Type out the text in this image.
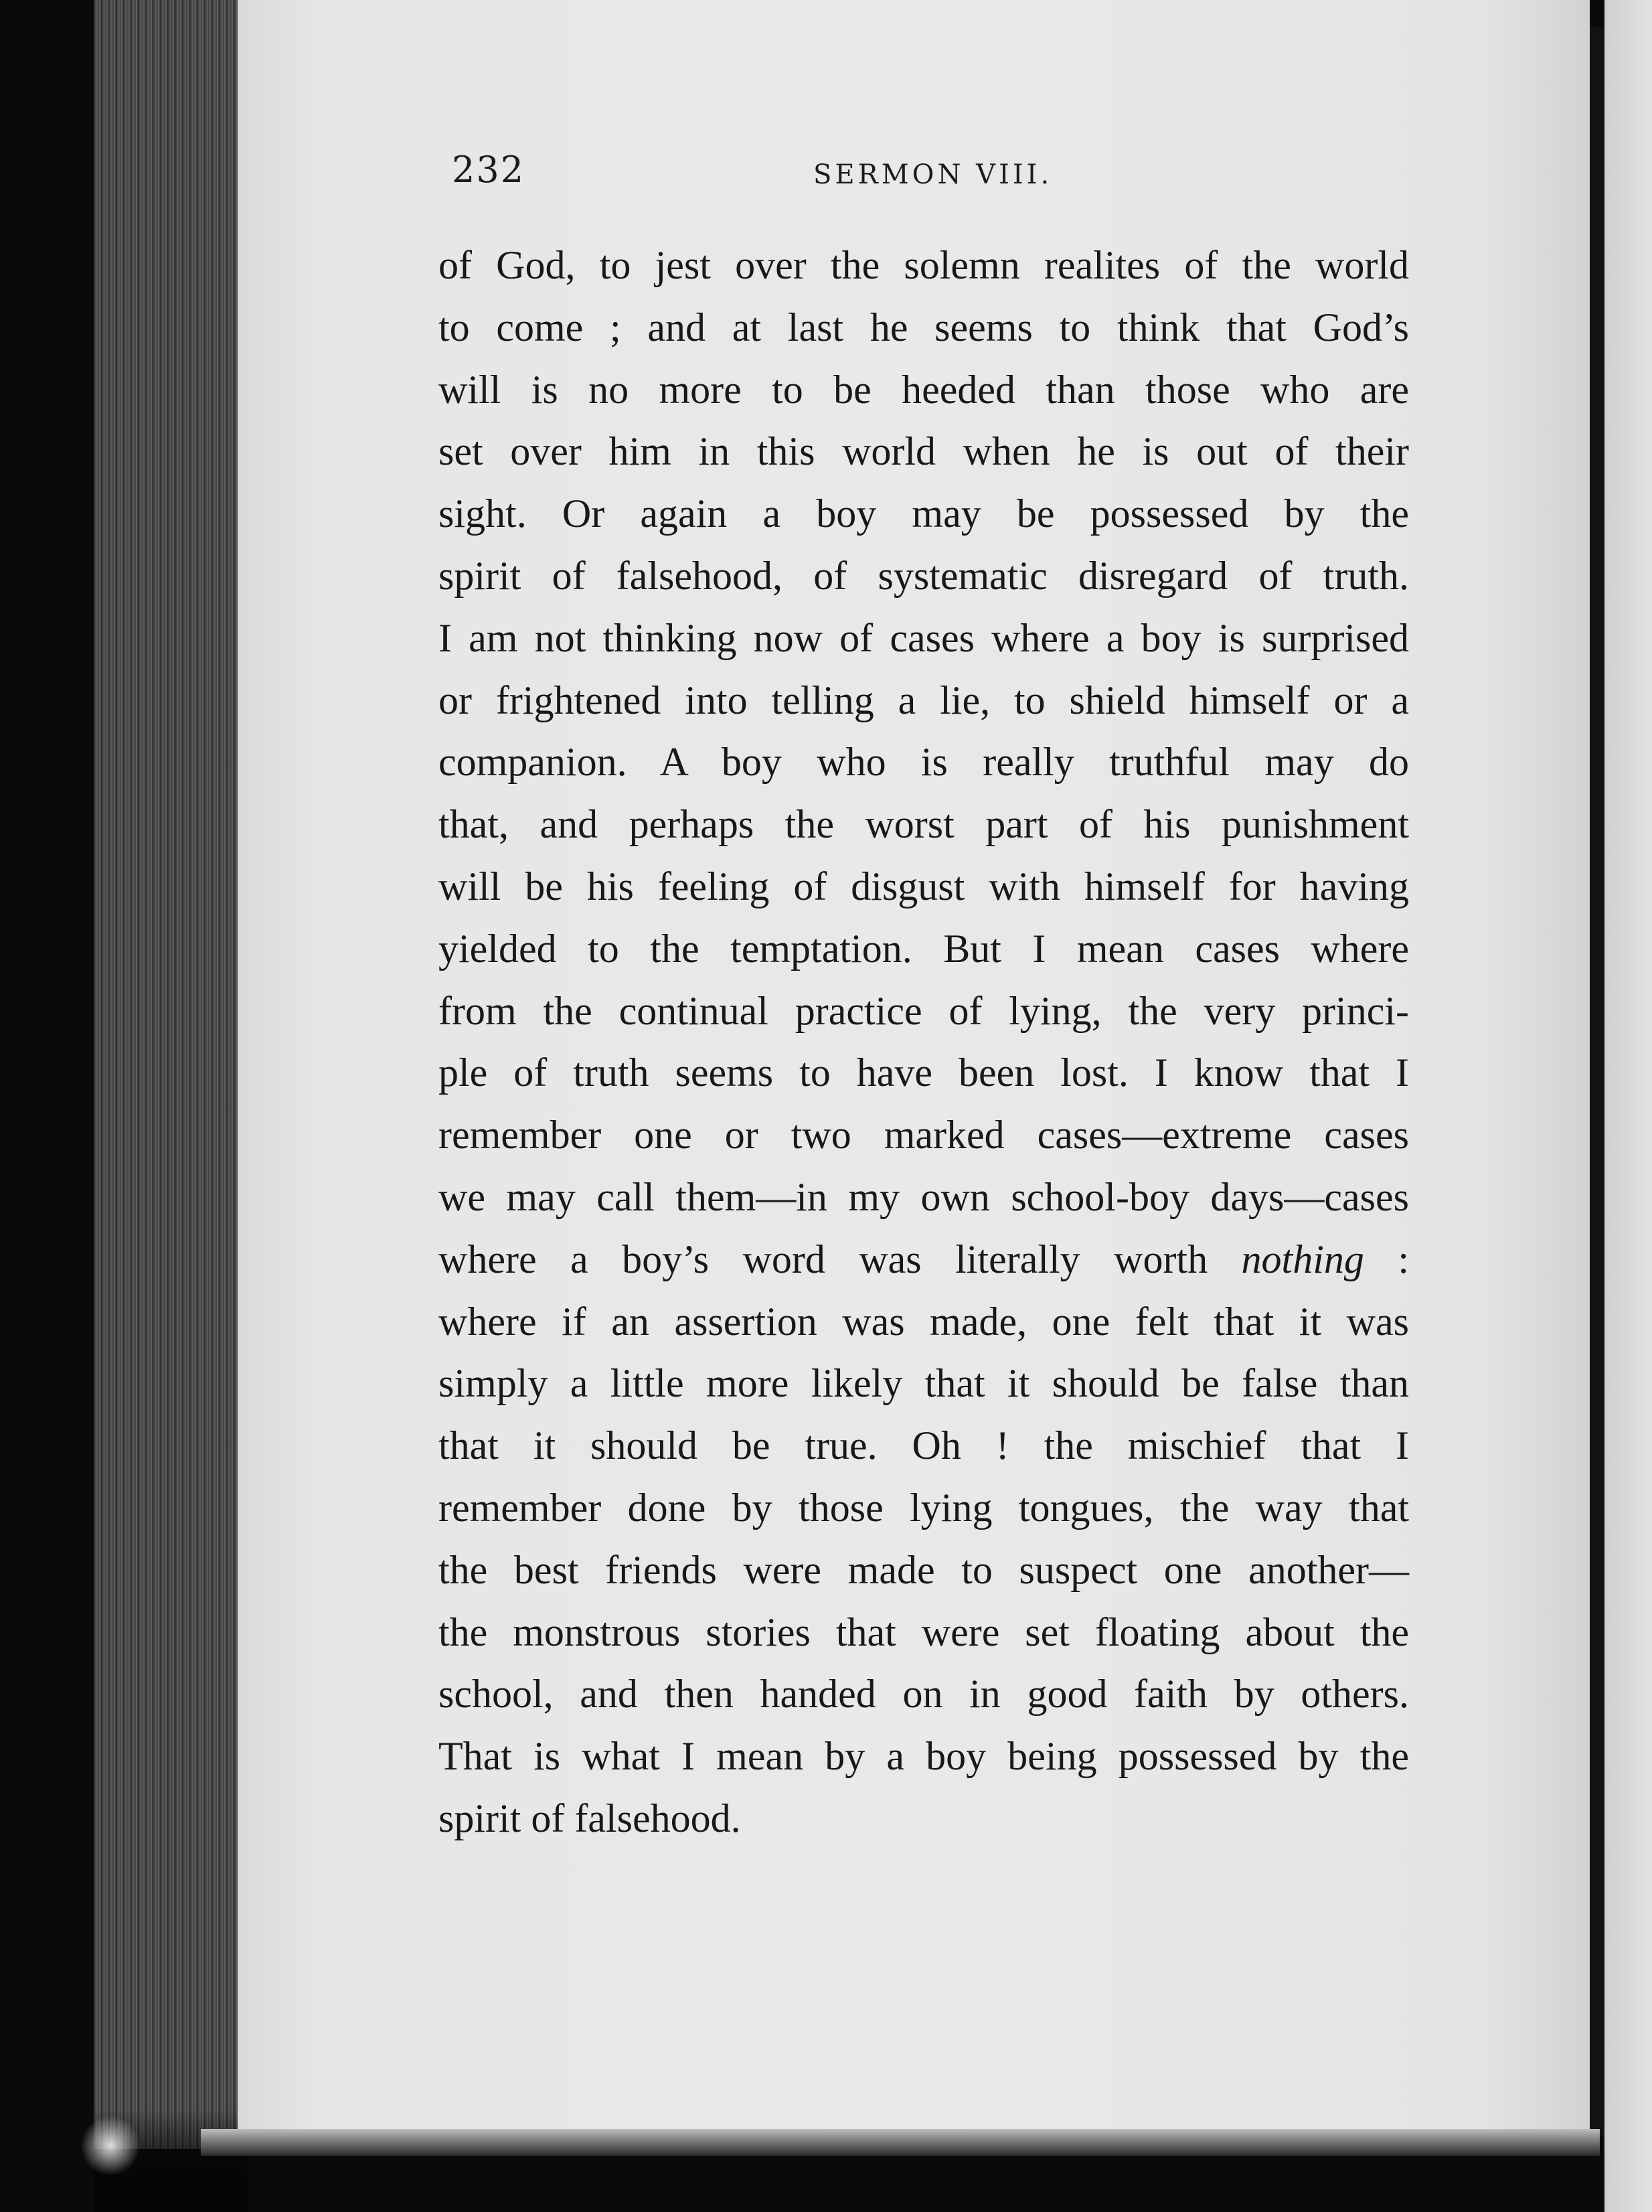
232	SERMON VIII.
of God, to jest over the solemn realites of the world
to come ; and at last he seems to think that God’s
will is no more to be heeded than those who are
set over him in this world when he is out of their
sight. Or again a boy may be possessed by the
spirit of falsehood, of systematic disregard of truth.
I am not thinking now of cases where a boy is surprised
or frightened into telling a lie, to shield himself or a
companion. A boy who is really truthful may do
that, and perhaps the worst part of his punishment
will be his feeling of disgust with himself for having
yielded to the temptation. But I mean cases where
from the continual practice of lying, the very princi-
ple of truth seems to have been lost. I know that I
remember one or two marked cases—extreme cases
we may call them—in my own school-boy days—cases
where a boy’s word was literally worth nothing :
where if an assertion was made, one felt that it was
simply a little more likely that it should be false than
that it should be true. Oh ! the mischief that I
remember done by those lying tongues, the way that
the best friends were made to suspect one another—
the monstrous stories that were set floating about the
school, and then handed on in good faith by others.
That is what I mean by a boy being possessed by the
spirit of falsehood.
